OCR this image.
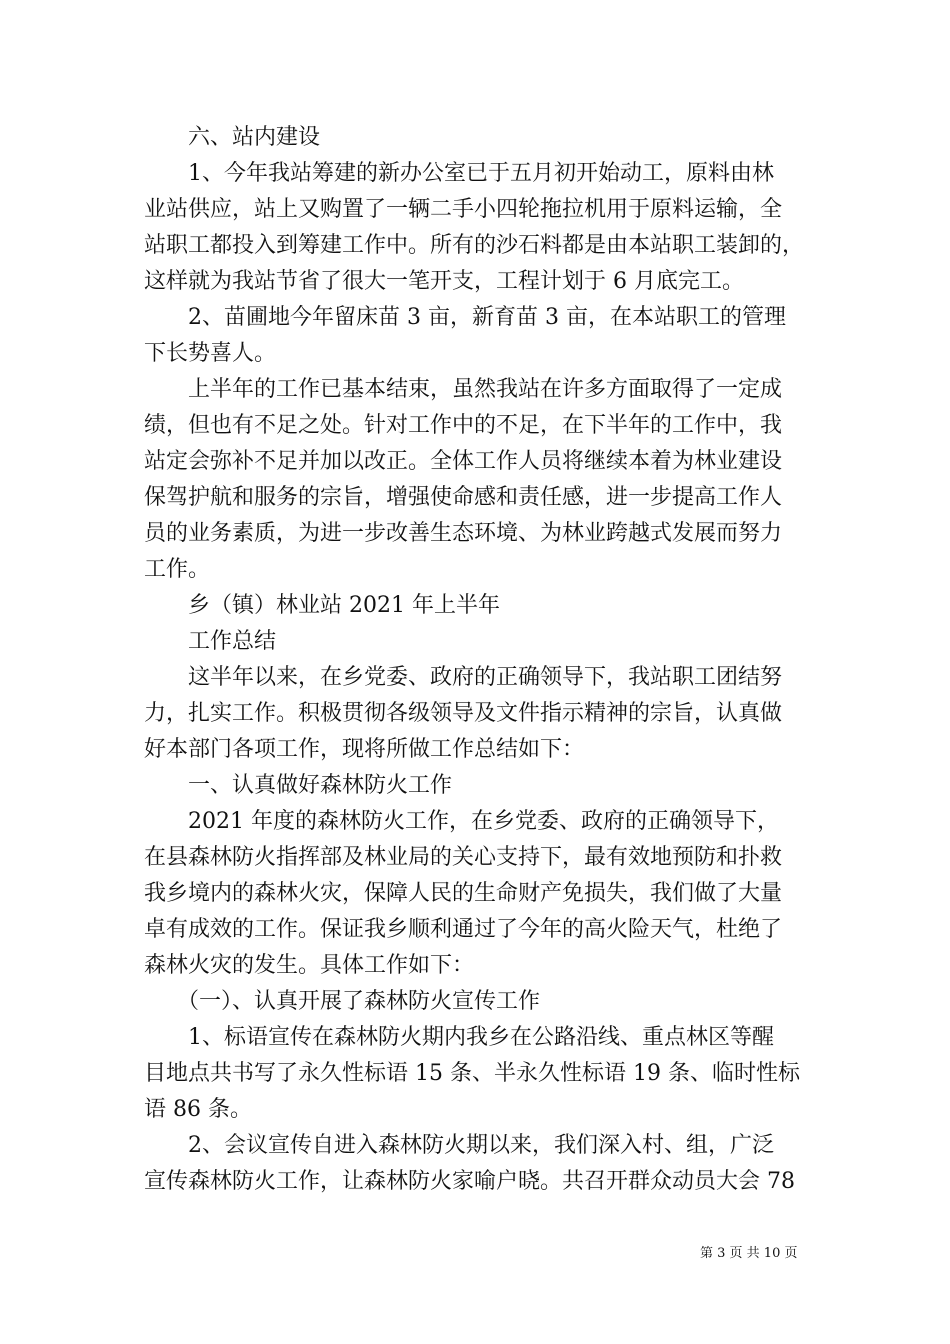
　　六、站内建设
　　1、今年我站筹建的新办公室已于五月初开始动工，原料由林
业站供应，站上又购置了一辆二手小四轮拖拉机用于原料运输，全
站职工都投入到筹建工作中。所有的沙石料都是由本站职工装卸的，
这样就为我站节省了很大一笔开支，工程计划于 6 月底完工。
　　2、苗圃地今年留床苗 3 亩，新育苗 3 亩，在本站职工的管理
下长势喜人。
　　上半年的工作已基本结束，虽然我站在许多方面取得了一定成
绩，但也有不足之处。针对工作中的不足，在下半年的工作中，我
站定会弥补不足并加以改正。全体工作人员将继续本着为林业建设
保驾护航和服务的宗旨，增强使命感和责任感，进一步提高工作人
员的业务素质，为进一步改善生态环境、为林业跨越式发展而努力
工作。
　　乡（镇）林业站 2021 年上半年
　　工作总结
　　这半年以来，在乡党委、政府的正确领导下，我站职工团结努
力，扎实工作。积极贯彻各级领导及文件指示精神的宗旨，认真做
好本部门各项工作，现将所做工作总结如下：
　　一、认真做好森林防火工作
　　2021 年度的森林防火工作，在乡党委、政府的正确领导下，
在县森林防火指挥部及林业局的关心支持下，最有效地预防和扑救
我乡境内的森林火灾，保障人民的生命财产免损失，我们做了大量
卓有成效的工作。保证我乡顺利通过了今年的高火险天气，杜绝了
森林火灾的发生。具体工作如下：
　　（一）、认真开展了森林防火宣传工作
　　1、标语宣传在森林防火期内我乡在公路沿线、重点林区等醒
目地点共书写了永久性标语 15 条、半永久性标语 19 条、临时性标
语 86 条。
　　2、会议宣传自进入森林防火期以来，我们深入村、组，广泛
宣传森林防火工作，让森林防火家喻户晓。共召开群众动员大会 78
第 3 页 共 10 页
